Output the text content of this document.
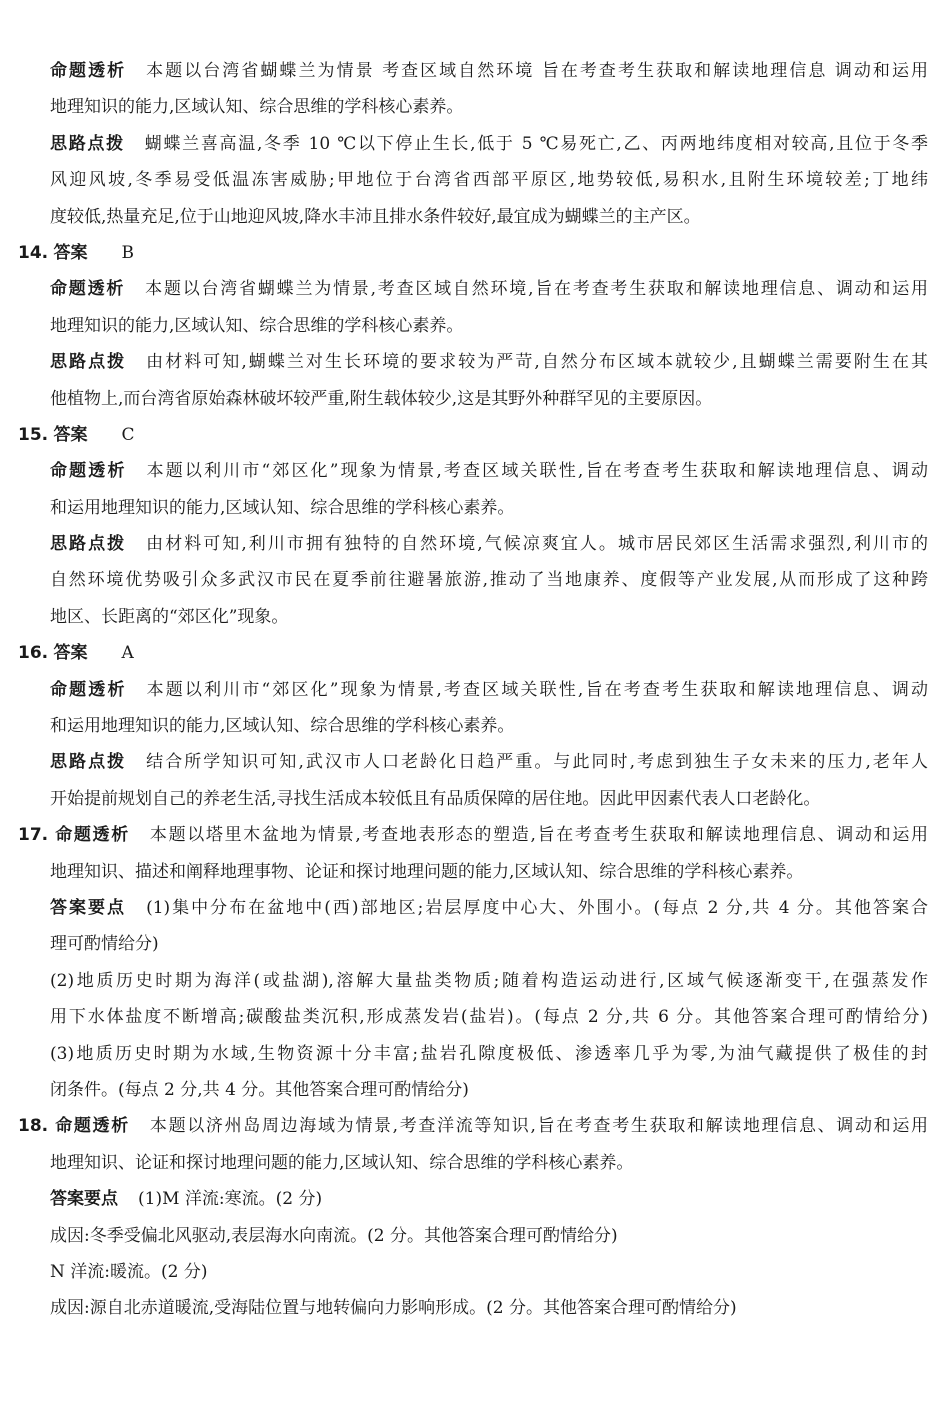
命题透析 本题以台湾省蝴蝶兰为情景 考查区域自然环境 旨在考查考生获取和解读地理信息 调动和运用
地理知识的能力,区域认知、综合思维的学科核心素养。
思路点拨 蝴蝶兰喜高温,冬季 10 ℃以下停止生长,低于 5 ℃易死亡,乙、丙两地纬度相对较高,且位于冬季
风迎风坡,冬季易受低温冻害威胁;甲地位于台湾省西部平原区,地势较低,易积水,且附生环境较差;丁地纬
度较低,热量充足,位于山地迎风坡,降水丰沛且排水条件较好,最宜成为蝴蝶兰的主产区。
14. 答案 B
命题透析 本题以台湾省蝴蝶兰为情景,考查区域自然环境,旨在考查考生获取和解读地理信息、调动和运用
地理知识的能力,区域认知、综合思维的学科核心素养。
思路点拨 由材料可知,蝴蝶兰对生长环境的要求较为严苛,自然分布区域本就较少,且蝴蝶兰需要附生在其
他植物上,而台湾省原始森林破坏较严重,附生载体较少,这是其野外种群罕见的主要原因。
15. 答案 C
命题透析 本题以利川市“郊区化”现象为情景,考查区域关联性,旨在考查考生获取和解读地理信息、调动
和运用地理知识的能力,区域认知、综合思维的学科核心素养。
思路点拨 由材料可知,利川市拥有独特的自然环境,气候凉爽宜人。城市居民郊区生活需求强烈,利川市的
自然环境优势吸引众多武汉市民在夏季前往避暑旅游,推动了当地康养、度假等产业发展,从而形成了这种跨
地区、长距离的“郊区化”现象。
16. 答案 A
命题透析 本题以利川市“郊区化”现象为情景,考查区域关联性,旨在考查考生获取和解读地理信息、调动
和运用地理知识的能力,区域认知、综合思维的学科核心素养。
思路点拨 结合所学知识可知,武汉市人口老龄化日趋严重。与此同时,考虑到独生子女未来的压力,老年人
开始提前规划自己的养老生活,寻找生活成本较低且有品质保障的居住地。因此甲因素代表人口老龄化。
17. 命题透析 本题以塔里木盆地为情景,考查地表形态的塑造,旨在考查考生获取和解读地理信息、调动和运用
地理知识、描述和阐释地理事物、论证和探讨地理问题的能力,区域认知、综合思维的学科核心素养。
答案要点 (1)集中分布在盆地中(西)部地区;岩层厚度中心大、外围小。(每点 2 分,共 4 分。其他答案合
理可酌情给分)
(2)地质历史时期为海洋(或盐湖),溶解大量盐类物质;随着构造运动进行,区域气候逐渐变干,在强蒸发作
用下水体盐度不断增高;碳酸盐类沉积,形成蒸发岩(盐岩)。(每点 2 分,共 6 分。其他答案合理可酌情给分)
(3)地质历史时期为水域,生物资源十分丰富;盐岩孔隙度极低、渗透率几乎为零,为油气藏提供了极佳的封
闭条件。(每点 2 分,共 4 分。其他答案合理可酌情给分)
18. 命题透析 本题以济州岛周边海域为情景,考查洋流等知识,旨在考查考生获取和解读地理信息、调动和运用
地理知识、论证和探讨地理问题的能力,区域认知、综合思维的学科核心素养。
答案要点 (1)M 洋流:寒流。(2 分)
成因:冬季受偏北风驱动,表层海水向南流。(2 分。其他答案合理可酌情给分)
N 洋流:暖流。(2 分)
成因:源自北赤道暖流,受海陆位置与地转偏向力影响形成。(2 分。其他答案合理可酌情给分)
